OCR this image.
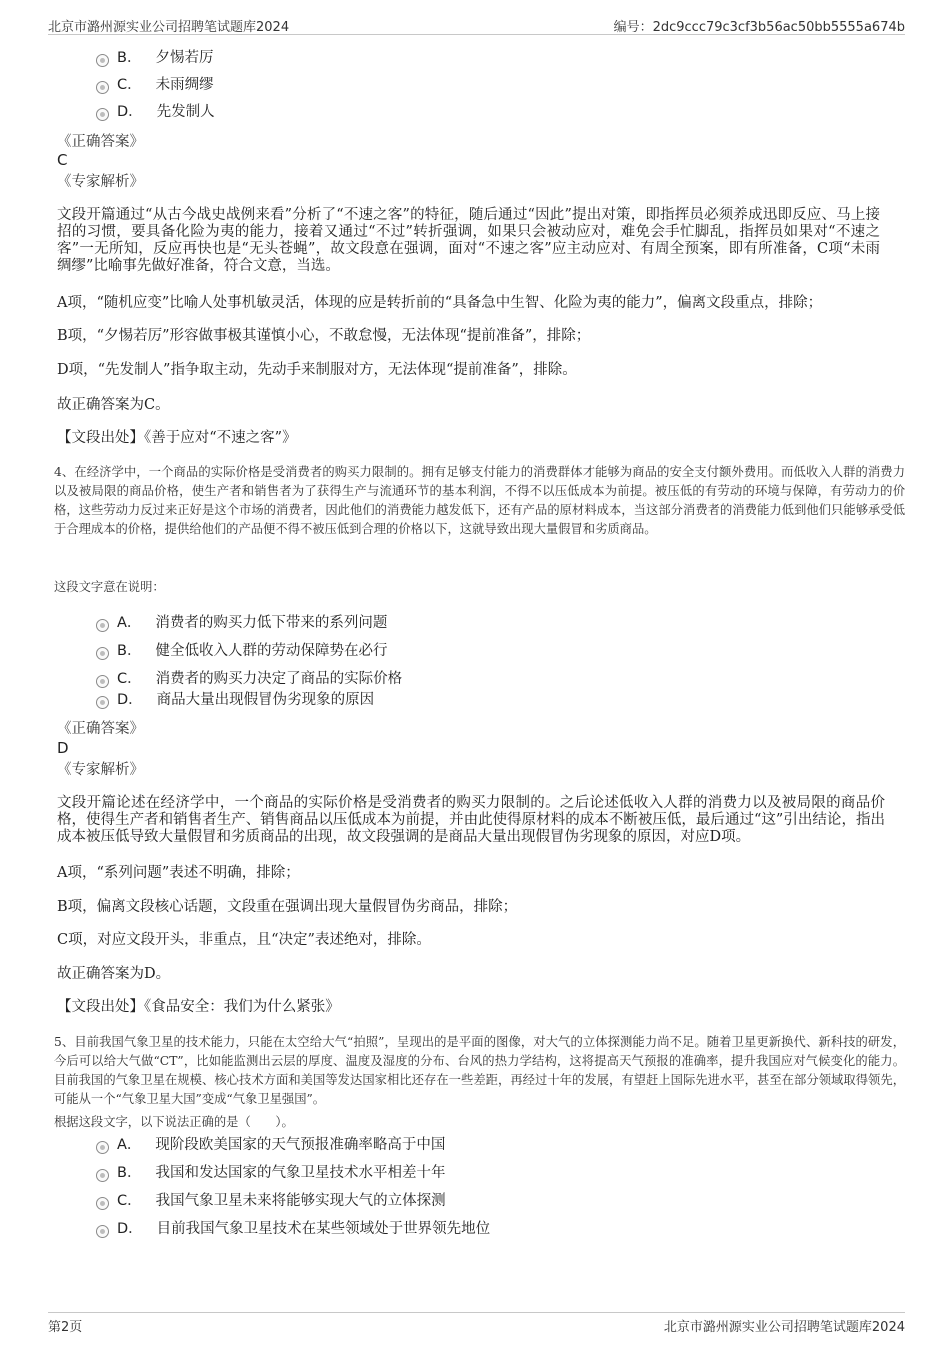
北京市潞州源实业公司招聘笔试题库2024	编号：2dc9ccc79c3cf3b56ac50bb5555a674b
B． 夕惕若厉
C． 未雨绸缪
D． 先发制人
《正确答案》
C
《专家解析》
文段开篇通过“从古今战史战例来看”分析了“不速之客”的特征，随后通过“因此”提出对策，即指挥员必须养成迅即反应、马上接招的习惯，要具备化险为夷的能力，接着又通过“不过”转折强调，如果只会被动应对，难免会手忙脚乱，指挥员如果对“不速之客”一无所知，反应再快也是“无头苍蝇”，故文段意在强调，面对“不速之客”应主动应对、有周全预案，即有所准备，C项“未雨绸缪”比喻事先做好准备，符合文意，当选。
A项，“随机应变”比喻人处事机敏灵活，体现的应是转折前的“具备急中生智、化险为夷的能力”，偏离文段重点，排除；
B项，“夕惕若厉”形容做事极其谨慎小心，不敢怠慢，无法体现“提前准备”，排除；
D项，“先发制人”指争取主动，先动手来制服对方，无法体现“提前准备”，排除。
故正确答案为C。
【文段出处】《善于应对“不速之客”》
4、在经济学中，一个商品的实际价格是受消费者的购买力限制的。拥有足够支付能力的消费群体才能够为商品的安全支付额外费用。而低收入人群的消费力以及被局限的商品价格，使生产者和销售者为了获得生产与流通环节的基本利润，不得不以压低成本为前提。被压低的有劳动的环境与保障，有劳动力的价格，这些劳动力反过来正好是这个市场的消费者，因此他们的消费能力越发低下，还有产品的原材料成本，当这部分消费者的消费能力低到他们只能够承受低于合理成本的价格，提供给他们的产品便不得不被压低到合理的价格以下，这就导致出现大量假冒和劣质商品。
这段文字意在说明：
A． 消费者的购买力低下带来的系列问题
B． 健全低收入人群的劳动保障势在必行
C． 消费者的购买力决定了商品的实际价格
D． 商品大量出现假冒伪劣现象的原因
《正确答案》
D
《专家解析》
文段开篇论述在经济学中，一个商品的实际价格是受消费者的购买力限制的。之后论述低收入人群的消费力以及被局限的商品价格，使得生产者和销售者生产、销售商品以压低成本为前提，并由此使得原材料的成本不断被压低，最后通过“这”引出结论，指出成本被压低导致大量假冒和劣质商品的出现，故文段强调的是商品大量出现假冒伪劣现象的原因，对应D项。
A项，“系列问题”表述不明确，排除；
B项，偏离文段核心话题，文段重在强调出现大量假冒伪劣商品，排除；
C项，对应文段开头，非重点，且“决定”表述绝对，排除。
故正确答案为D。
【文段出处】《食品安全：我们为什么紧张》
5、目前我国气象卫星的技术能力，只能在太空给大气“拍照”，呈现出的是平面的图像，对大气的立体探测能力尚不足。随着卫星更新换代、新科技的研发，今后可以给大气做“CT”，比如能监测出云层的厚度、温度及湿度的分布、台风的热力学结构，这将提高天气预报的准确率，提升我国应对气候变化的能力。目前我国的气象卫星在规模、核心技术方面和美国等发达国家相比还存在一些差距，再经过十年的发展，有望赶上国际先进水平，甚至在部分领域取得领先，可能从一个“气象卫星大国”变成“气象卫星强国”。
根据这段文字，以下说法正确的是（　　）。
A． 现阶段欧美国家的天气预报准确率略高于中国
B． 我国和发达国家的气象卫星技术水平相差十年
C． 我国气象卫星未来将能够实现大气的立体探测
D． 目前我国气象卫星技术在某些领域处于世界领先地位
第2页	北京市潞州源实业公司招聘笔试题库2024
